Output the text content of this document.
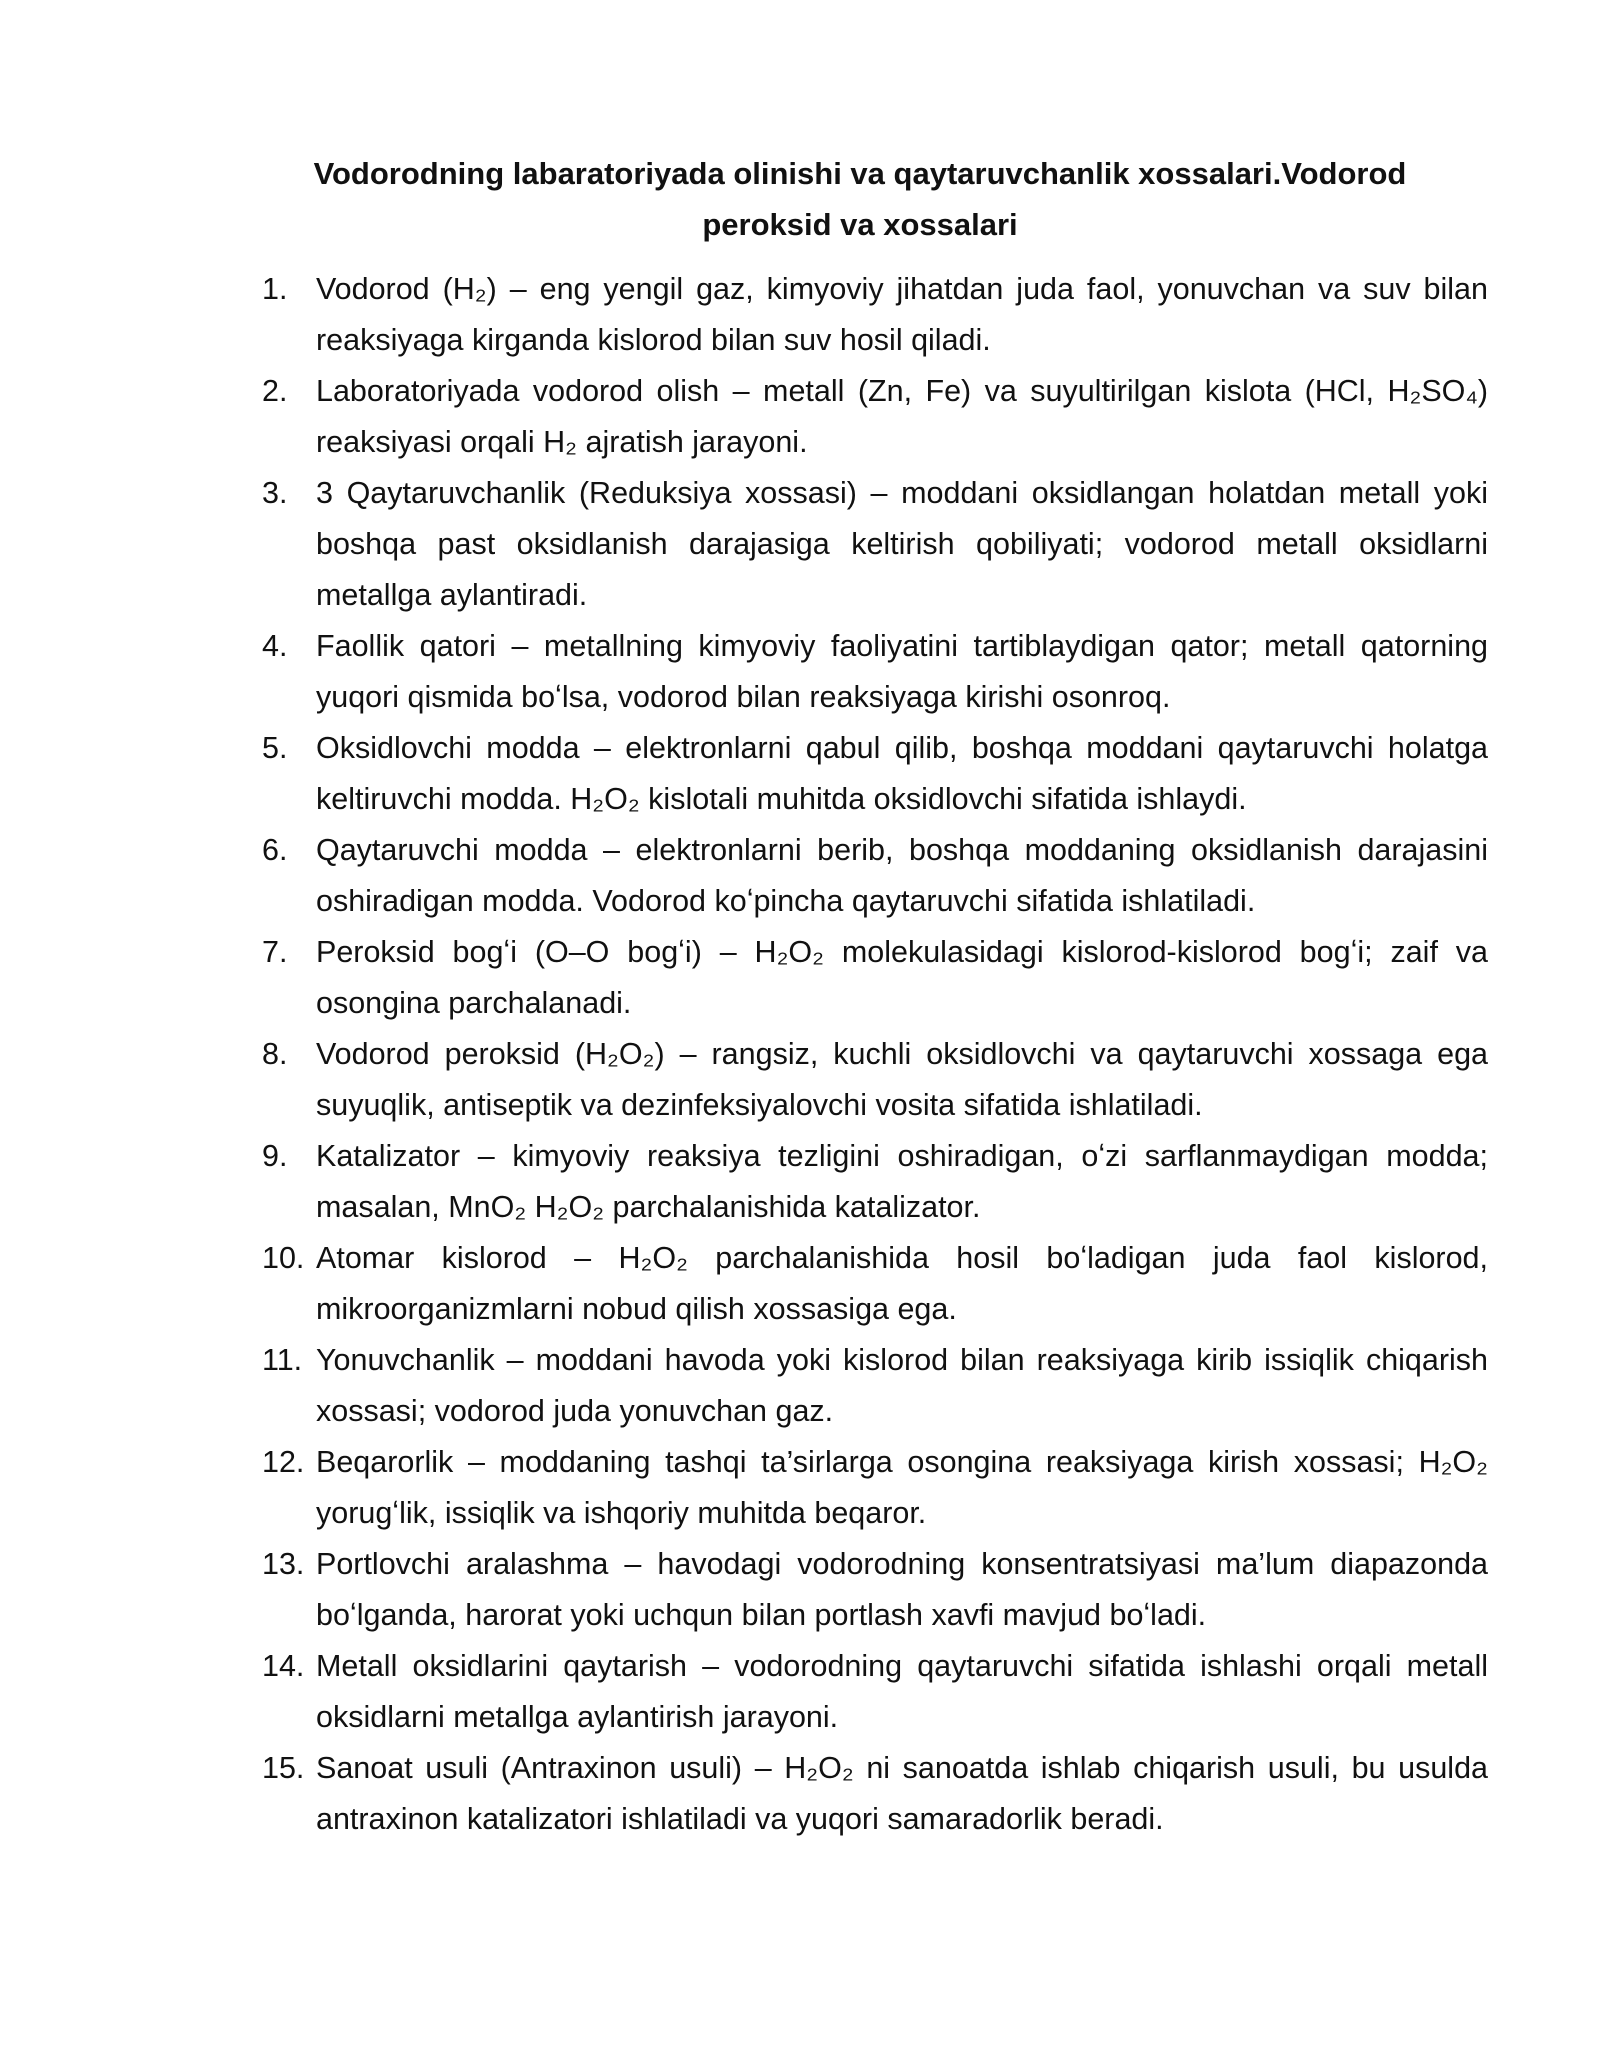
Vodorodning labaratoriyada olinishi va qaytaruvchanlik xossalari.Vodorod peroksid va xossalari
1. Vodorod (H₂) – eng yengil gaz, kimyoviy jihatdan juda faol, yonuvchan va suv bilan reaksiyaga kirganda kislorod bilan suv hosil qiladi.
2. Laboratoriyada vodorod olish – metall (Zn, Fe) va suyultirilgan kislota (HCl, H₂SO₄) reaksiyasi orqali H₂ ajratish jarayoni.
3. 3 Qaytaruvchanlik (Reduksiya xossasi) – moddani oksidlangan holatdan metall yoki boshqa past oksidlanish darajasiga keltirish qobiliyati; vodorod metall oksidlarni metallga aylantiradi.
4. Faollik qatori – metallning kimyoviy faoliyatini tartiblaydigan qator; metall qatorning yuqori qismida boʻlsa, vodorod bilan reaksiyaga kirishi osonroq.
5. Oksidlovchi modda – elektronlarni qabul qilib, boshqa moddani qaytaruvchi holatga keltiruvchi modda. H₂O₂ kislotali muhitda oksidlovchi sifatida ishlaydi.
6. Qaytaruvchi modda – elektronlarni berib, boshqa moddaning oksidlanish darajasini oshiradigan modda. Vodorod koʻpincha qaytaruvchi sifatida ishlatiladi.
7. Peroksid bogʻi (O–O bogʻi) – H₂O₂ molekulasidagi kislorod-kislorod bogʻi; zaif va osongina parchalanadi.
8. Vodorod peroksid (H₂O₂) – rangsiz, kuchli oksidlovchi va qaytaruvchi xossaga ega suyuqlik, antiseptik va dezinfeksiyalovchi vosita sifatida ishlatiladi.
9. Katalizator – kimyoviy reaksiya tezligini oshiradigan, oʻzi sarflanmaydigan modda; masalan, MnO₂ H₂O₂ parchalanishida katalizator.
10. Atomar kislorod – H₂O₂ parchalanishida hosil boʻladigan juda faol kislorod, mikroorganizmlarni nobud qilish xossasiga ega.
11. Yonuvchanlik – moddani havoda yoki kislorod bilan reaksiyaga kirib issiqlik chiqarish xossasi; vodorod juda yonuvchan gaz.
12. Beqarorlik – moddaning tashqi ta’sirlarga osongina reaksiyaga kirish xossasi; H₂O₂ yorugʻlik, issiqlik va ishqoriy muhitda beqaror.
13. Portlovchi aralashma – havodagi vodorodning konsentratsiyasi ma’lum diapazonda boʻlganda, harorat yoki uchqun bilan portlash xavfi mavjud boʻladi.
14. Metall oksidlarini qaytarish – vodorodning qaytaruvchi sifatida ishlashi orqali metall oksidlarni metallga aylantirish jarayoni.
15. Sanoat usuli (Antraxinon usuli) – H₂O₂ ni sanoatda ishlab chiqarish usuli, bu usulda antraxinon katalizatori ishlatiladi va yuqori samaradorlik beradi.
